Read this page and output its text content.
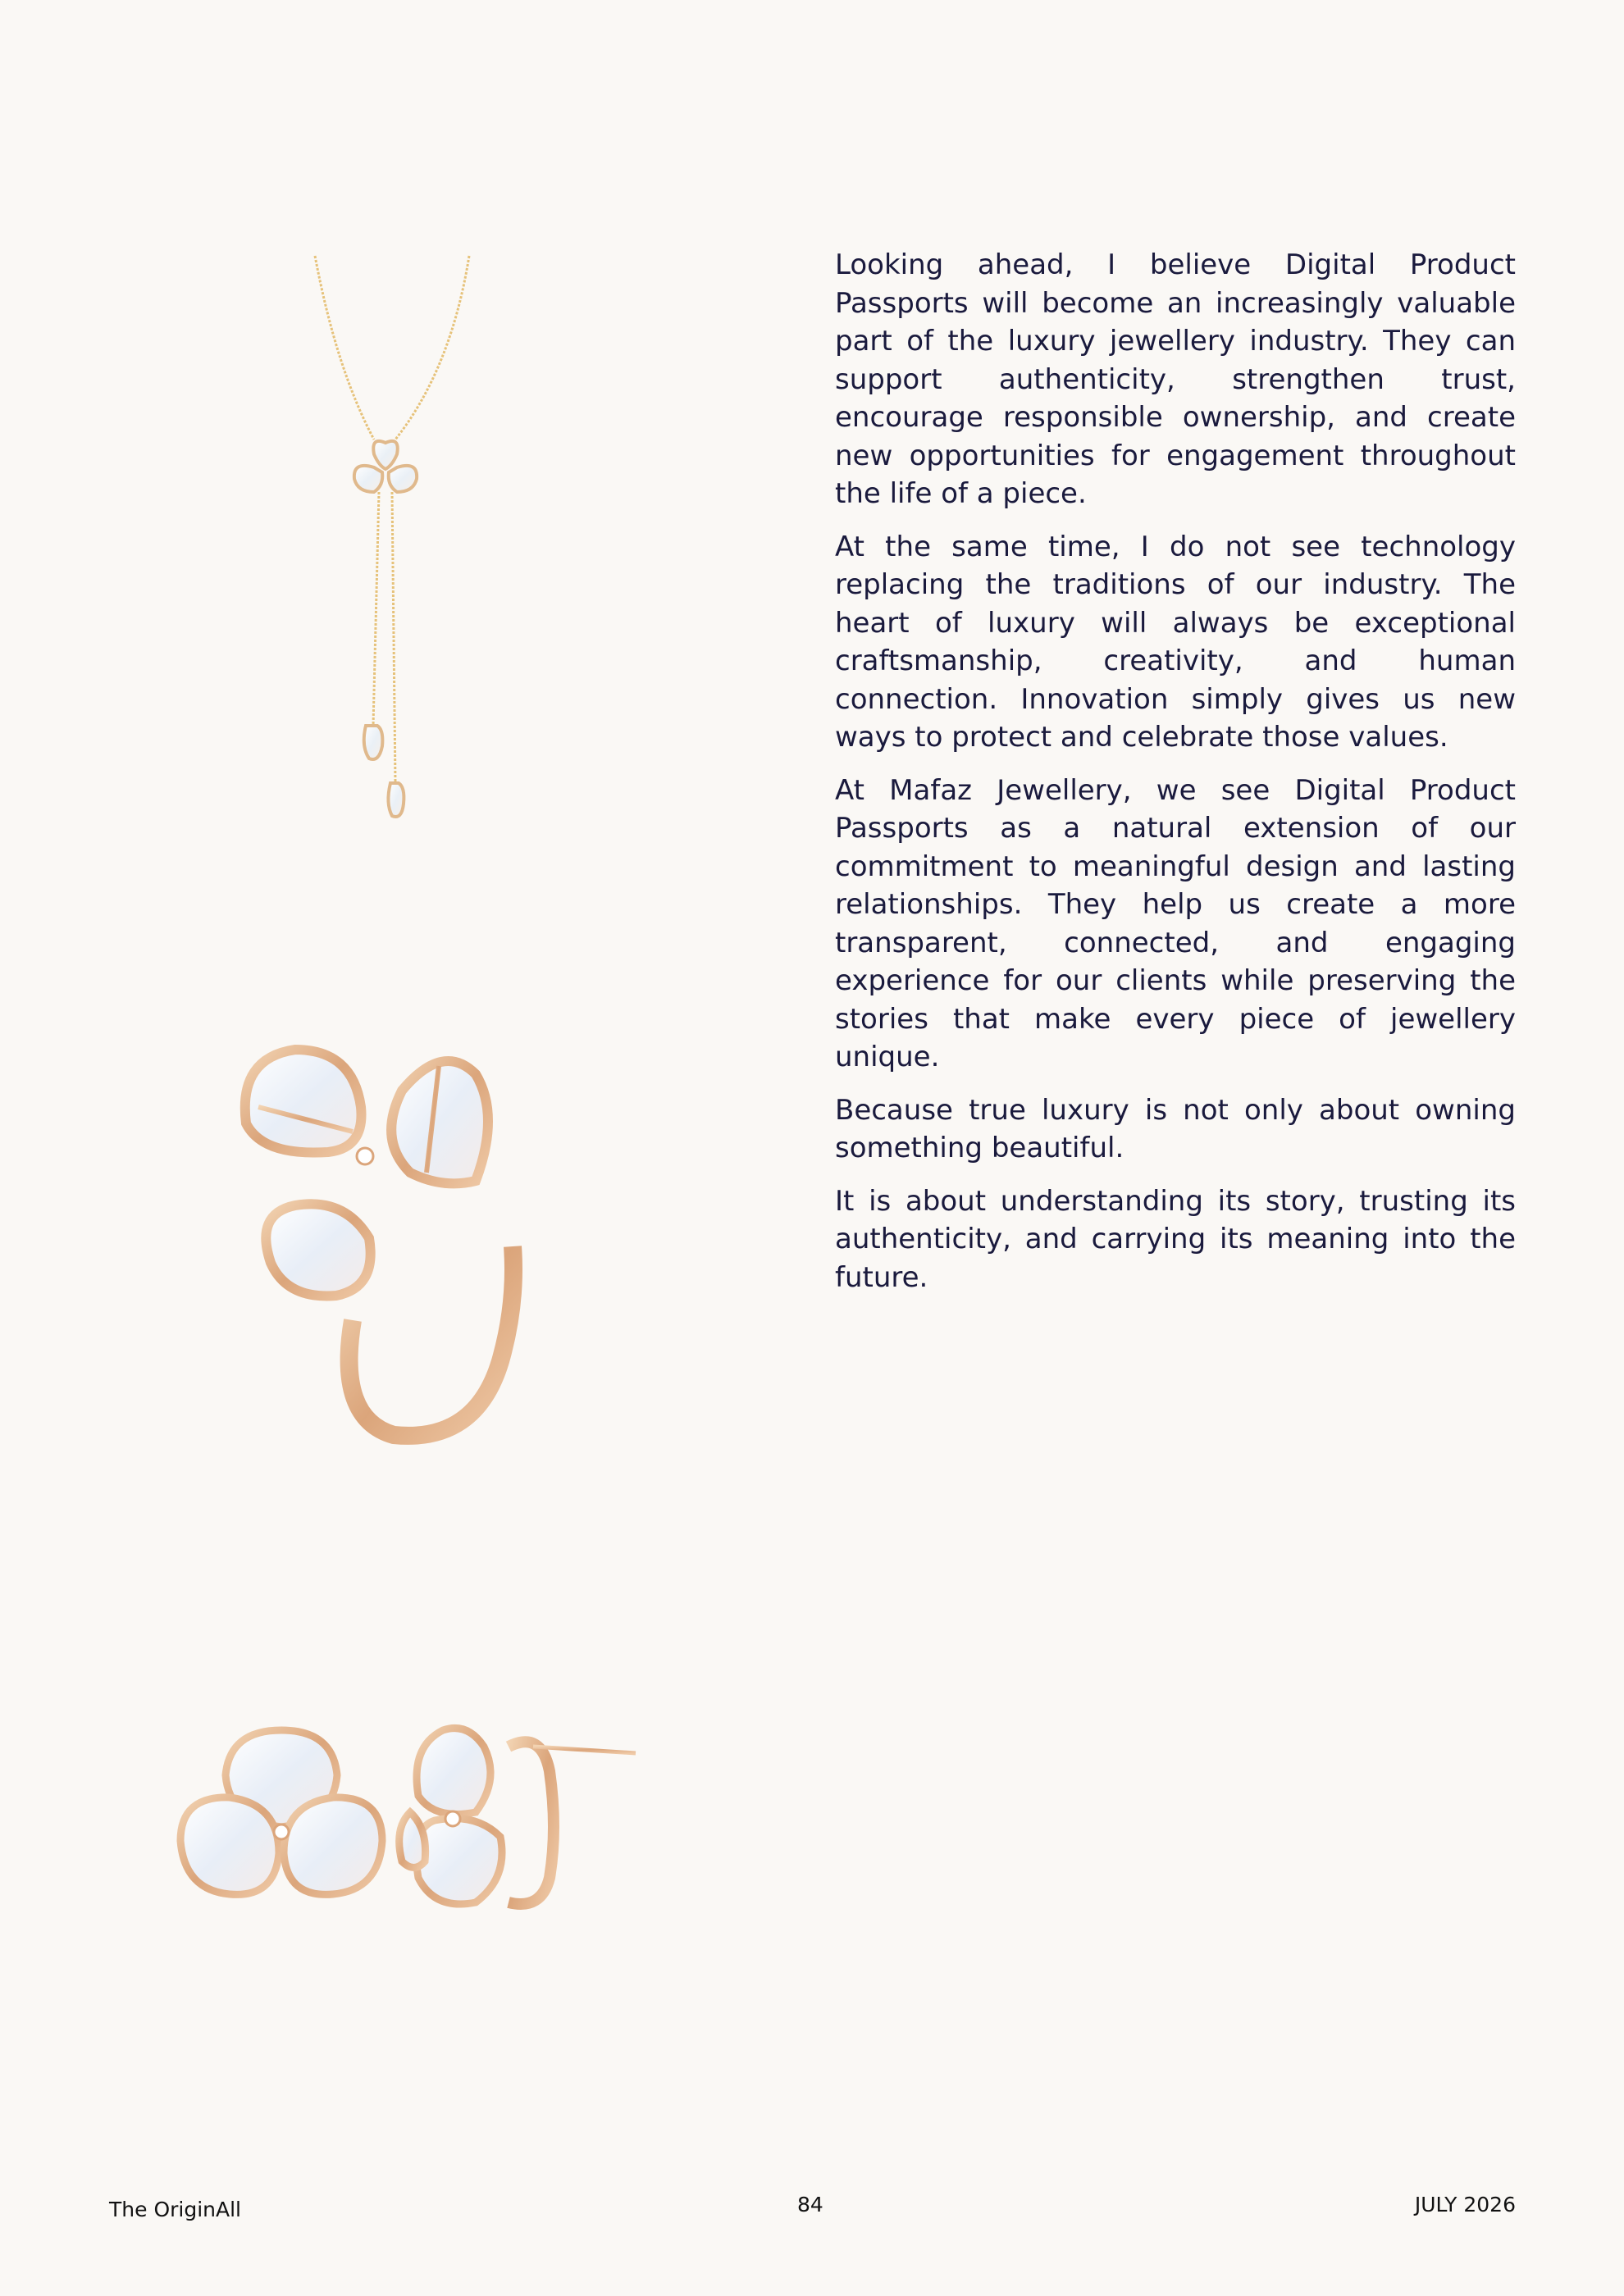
Looking ahead, I believe Digital Product Passports will become an increasingly valuable part of the luxury jewellery industry. They can support authenticity, strengthen trust, encourage responsible ownership, and create new opportunities for engagement throughout the life of a piece.

At the same time, I do not see technology replacing the traditions of our industry. The heart of luxury will always be exceptional craftsmanship, creativity, and human connection. Innovation simply gives us new ways to protect and celebrate those values.

At Mafaz Jewellery, we see Digital Product Passports as a natural extension of our commitment to meaningful design and lasting relationships. They help us create a more transparent, connected, and engaging experience for our clients while preserving the stories that make every piece of jewellery unique.

Because true luxury is not only about owning something beautiful.

It is about understanding its story, trusting its authenticity, and carrying its meaning into the future.

The OriginAll	84	JULY 2026
